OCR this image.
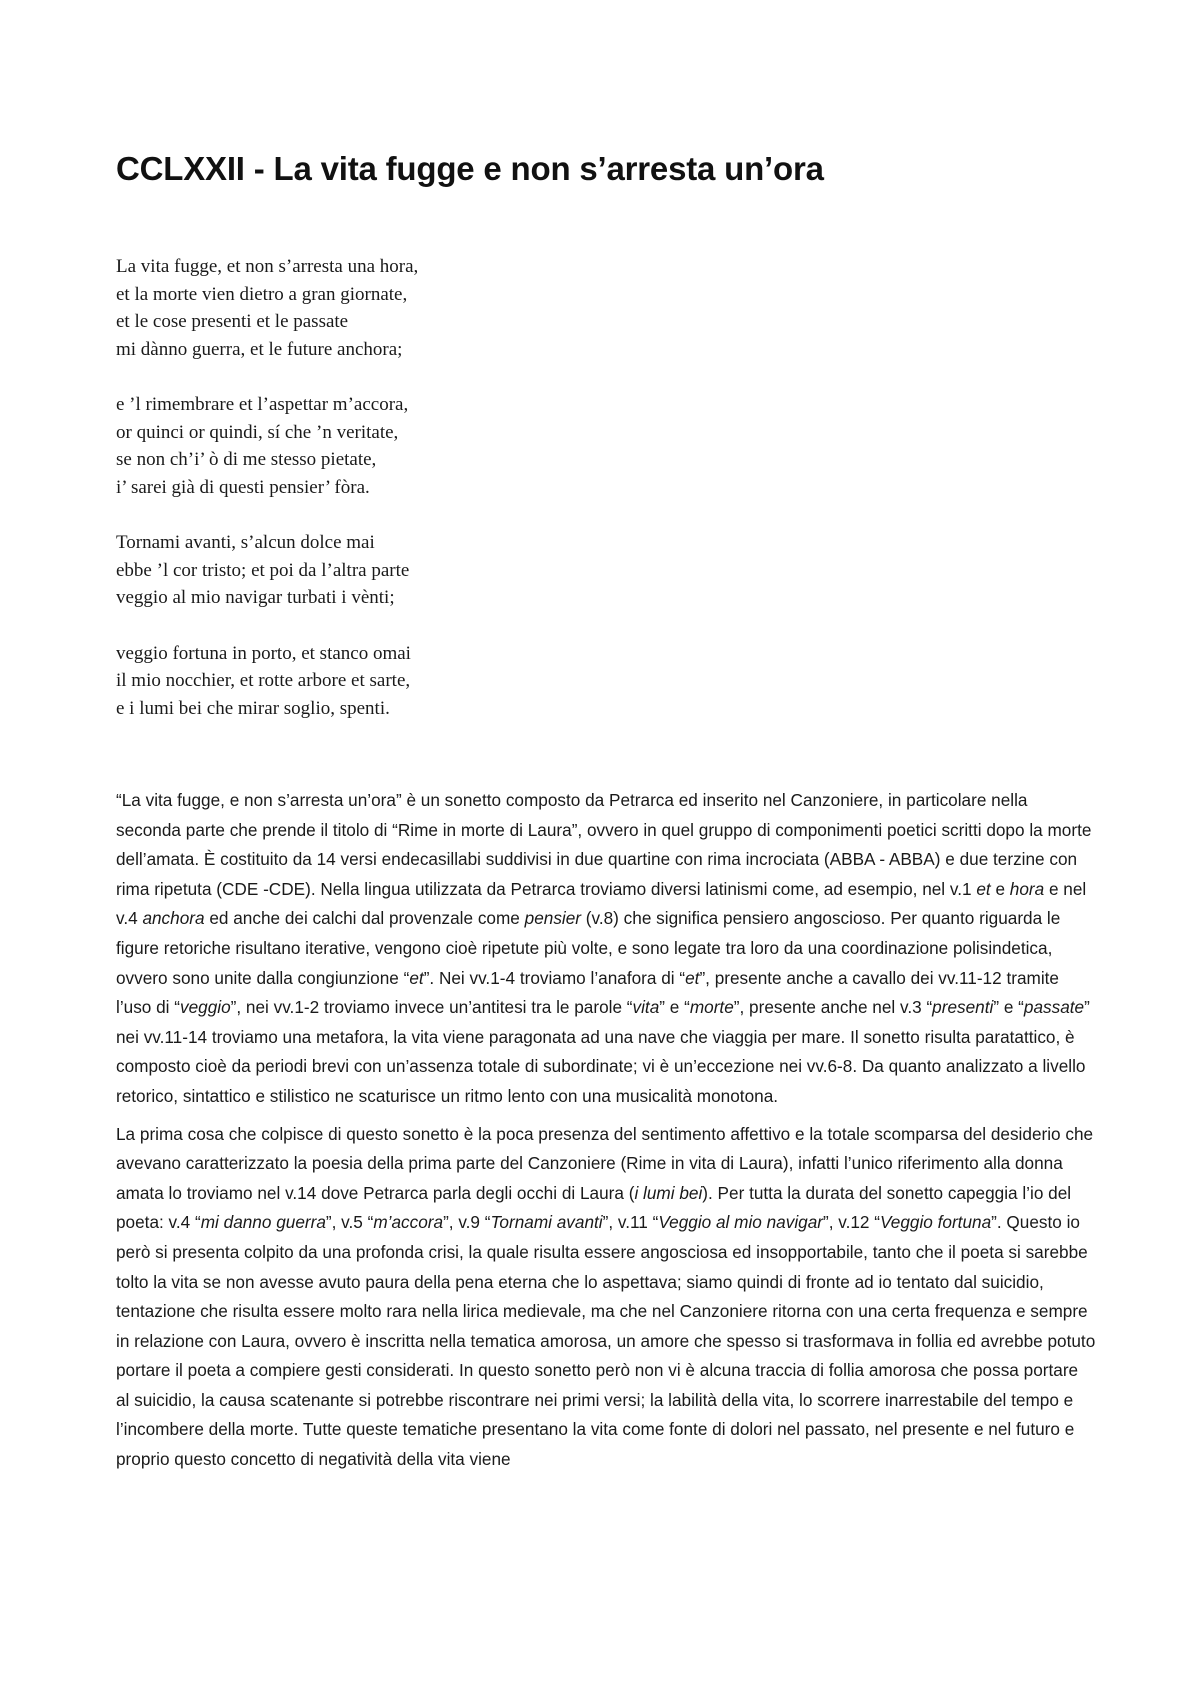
CCLXXII - La vita fugge e non s’arresta un’ora
La vita fugge, et non s’arresta una hora,
et la morte vien dietro a gran giornate,
et le cose presenti et le passate
mi dànno guerra, et le future anchora;
e ’l rimembrare et l’aspettar m’accora,
or quinci or quindi, sí che ’n veritate,
se non ch’i’ ò di me stesso pietate,
i’ sarei già di questi pensier’ fòra.
Tornami avanti, s’alcun dolce mai
ebbe ’l cor tristo; et poi da l’altra parte
veggio al mio navigar turbati i vènti;
veggio fortuna in porto, et stanco omai
il mio nocchier, et rotte arbore et sarte,
e i lumi bei che mirar soglio, spenti.

“La vita fugge, e non s’arresta un’ora” è un sonetto composto da Petrarca ed inserito nel Canzoniere, in particolare nella seconda parte che prende il titolo di “Rime in morte di Laura”, ovvero in quel gruppo di componimenti poetici scritti dopo la morte dell’amata. È costituito da 14 versi endecasillabi suddivisi in due quartine con rima incrociata (ABBA - ABBA) e due terzine con rima ripetuta (CDE -CDE). Nella lingua utilizzata da Petrarca troviamo diversi latinismi come, ad esempio, nel v.1 et e hora e nel v.4 anchora ed anche dei calchi dal provenzale come pensier (v.8) che significa pensiero angoscioso. Per quanto riguarda le figure retoriche risultano iterative, vengono cioè ripetute più volte, e sono legate tra loro da una coordinazione polisindetica, ovvero sono unite dalla congiunzione “et”. Nei vv.1-4 troviamo l’anafora di “et”, presente anche a cavallo dei vv.11-12 tramite l’uso di “veggio”, nei vv.1-2 troviamo invece un’antitesi tra le parole “vita” e “morte”, presente anche nel v.3 “presenti” e “passate” nei vv.11-14 troviamo una metafora, la vita viene paragonata ad una nave che viaggia per mare. Il sonetto risulta paratattico, è composto cioè da periodi brevi con un’assenza totale di subordinate; vi è un’eccezione nei vv.6-8. Da quanto analizzato a livello retorico, sintattico e stilistico ne scaturisce un ritmo lento con una musicalità monotona.

La prima cosa che colpisce di questo sonetto è la poca presenza del sentimento affettivo e la totale scomparsa del desiderio che avevano caratterizzato la poesia della prima parte del Canzoniere (Rime in vita di Laura), infatti l’unico riferimento alla donna amata lo troviamo nel v.14 dove Petrarca parla degli occhi di Laura (i lumi bei). Per tutta la durata del sonetto capeggia l’io del poeta: v.4 “mi danno guerra”, v.5 “m’accora”, v.9 “Tornami avanti”, v.11 “Veggio al mio navigar”, v.12 “Veggio fortuna”. Questo io però si presenta colpito da una profonda crisi, la quale risulta essere angosciosa ed insopportabile, tanto che il poeta si sarebbe tolto la vita se non avesse avuto paura della pena eterna che lo aspettava; siamo quindi di fronte ad io tentato dal suicidio, tentazione che risulta essere molto rara nella lirica medievale, ma che nel Canzoniere ritorna con una certa frequenza e sempre in relazione con Laura, ovvero è inscritta nella tematica amorosa, un amore che spesso si trasformava in follia ed avrebbe potuto portare il poeta a compiere gesti considerati. In questo sonetto però non vi è alcuna traccia di follia amorosa che possa portare al suicidio, la causa scatenante si potrebbe riscontrare nei primi versi; la labilità della vita, lo scorrere inarrestabile del tempo e l’incombere della morte. Tutte queste tematiche presentano la vita come fonte di dolori nel passato, nel presente e nel futuro e proprio questo concetto di negatività della vita viene
